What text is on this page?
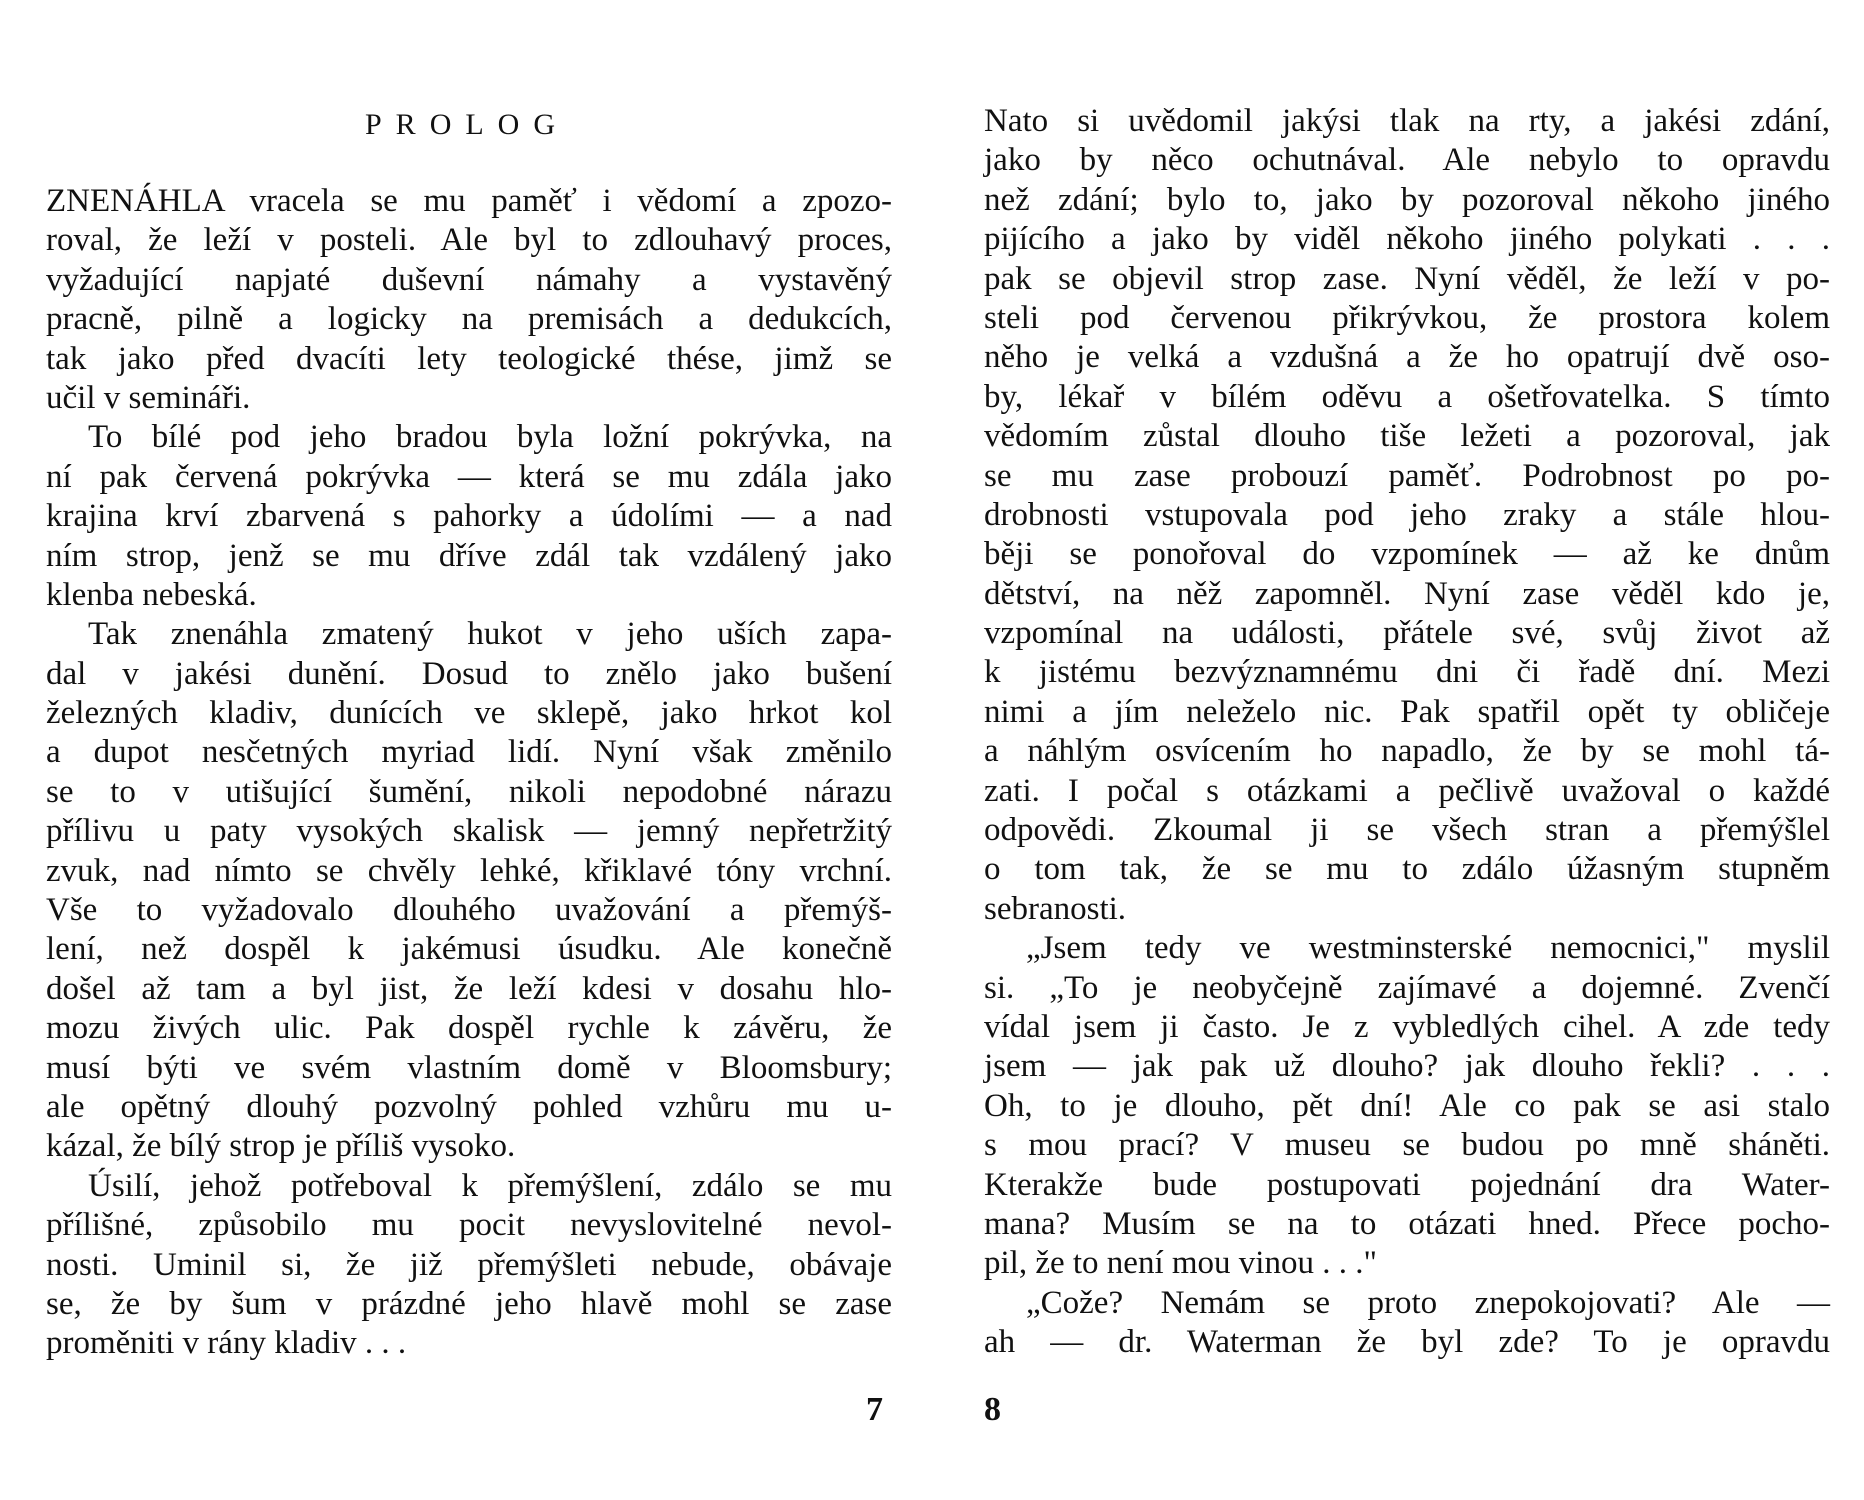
PROLOG
ZNENÁHLA vracela se mu paměť i vědomí a zpozo-
roval, že leží v posteli. Ale byl to zdlouhavý proces,
vyžadující napjaté duševní námahy a vystavěný
pracně, pilně a logicky na premisách a dedukcích,
tak jako před dvacíti lety teologické thése, jimž se
učil v semináři.
To bílé pod jeho bradou byla ložní pokrývka, na
ní pak červená pokrývka — která se mu zdála jako
krajina krví zbarvená s pahorky a údolími — a nad
ním strop, jenž se mu dříve zdál tak vzdálený jako
klenba nebeská.
Tak znenáhla zmatený hukot v jeho uších zapa-
dal v jakési dunění. Dosud to znělo jako bušení
železných kladiv, dunících ve sklepě, jako hrkot kol
a dupot nesčetných myriad lidí. Nyní však změnilo
se to v utišující šumění, nikoli nepodobné nárazu
přílivu u paty vysokých skalisk — jemný nepřetržitý
zvuk, nad nímto se chvěly lehké, křiklavé tóny vrchní.
Vše to vyžadovalo dlouhého uvažování a přemýš-
lení, než dospěl k jakémusi úsudku. Ale konečně
došel až tam a byl jist, že leží kdesi v dosahu hlo-
mozu živých ulic. Pak dospěl rychle k závěru, že
musí býti ve svém vlastním domě v Bloomsbury;
ale opětný dlouhý pozvolný pohled vzhůru mu u-
kázal, že bílý strop je příliš vysoko.
Úsilí, jehož potřeboval k přemýšlení, zdálo se mu
přílišné, způsobilo mu pocit nevyslovitelné nevol-
nosti. Uminil si, že již přemýšleti nebude, obávaje
se, že by šum v prázdné jeho hlavě mohl se zase
proměniti v rány kladiv . . .
7
Nato si uvědomil jakýsi tlak na rty, a jakési zdání,
jako by něco ochutnával. Ale nebylo to opravdu
než zdání; bylo to, jako by pozoroval někoho jiného
pijícího a jako by viděl někoho jiného polykati . . .
pak se objevil strop zase. Nyní věděl, že leží v po-
steli pod červenou přikrývkou, že prostora kolem
něho je velká a vzdušná a že ho opatrují dvě oso-
by, lékař v bílém oděvu a ošetřovatelka. S tímto
vědomím zůstal dlouho tiše ležeti a pozoroval, jak
se mu zase probouzí paměť. Podrobnost po po-
drobnosti vstupovala pod jeho zraky a stále hlou-
běji se ponořoval do vzpomínek — až ke dnům
dětství, na něž zapomněl. Nyní zase věděl kdo je,
vzpomínal na události, přátele své, svůj život až
k jistému bezvýznamnému dni či řadě dní. Mezi
nimi a jím neleželo nic. Pak spatřil opět ty obličeje
a náhlým osvícením ho napadlo, že by se mohl tá-
zati. I počal s otázkami a pečlivě uvažoval o každé
odpovědi. Zkoumal ji se všech stran a přemýšlel
o tom tak, že se mu to zdálo úžasným stupněm
sebranosti.
„Jsem tedy ve westminsterské nemocnici," myslil
si. „To je neobyčejně zajímavé a dojemné. Zvenčí
vídal jsem ji často. Je z vybledlých cihel. A zde tedy
jsem — jak pak už dlouho? jak dlouho řekli? . . .
Oh, to je dlouho, pět dní! Ale co pak se asi stalo
s mou prací? V museu se budou po mně sháněti.
Kterakže bude postupovati pojednání dra Water-
mana? Musím se na to otázati hned. Přece pocho-
pil, že to není mou vinou . . ."
„Cože? Nemám se proto znepokojovati? Ale —
ah — dr. Waterman že byl zde? To je opravdu
8
